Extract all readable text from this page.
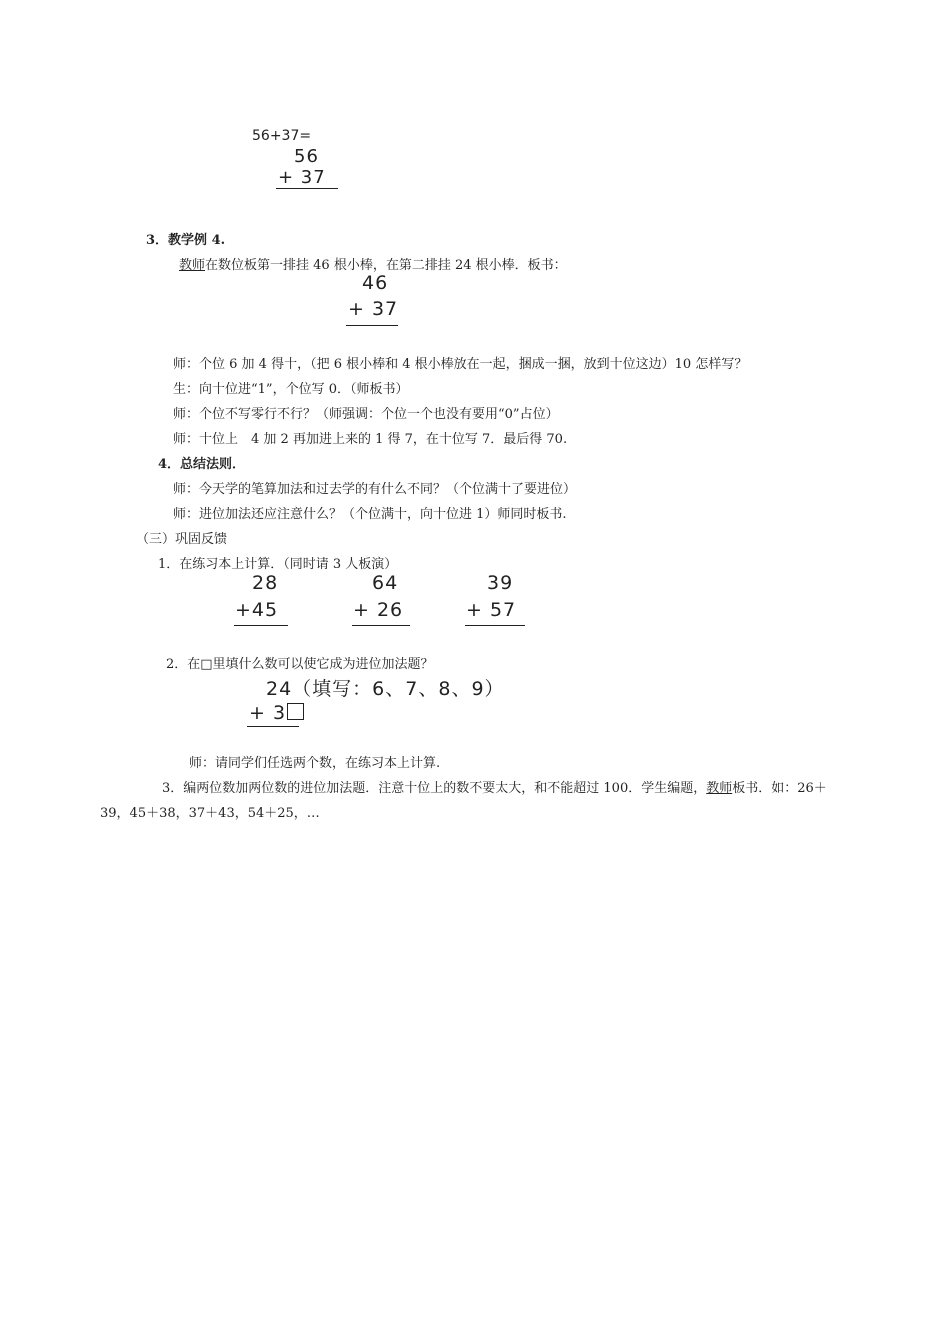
56+37=
56
+ 37
3．教学例 4.
教师在数位板第一排挂 46 根小棒，在第二排挂 24 根小棒．板书：
46
+ 37
师：个位 6 加 4 得十，（把 6 根小棒和 4 根小棒放在一起，捆成一捆，放到十位这边）10 怎样写？
生：向十位进“1”，个位写 0．（师板书）
师：个位不写零行不行？（师强调：个位一个也没有要用“0”占位）
师：十位上　4 加 2 再加进上来的 1 得 7，在十位写 7．最后得 70.
4．总结法则．
师：今天学的笔算加法和过去学的有什么不同？（个位满十了要进位）
师：进位加法还应注意什么？（个位满十，向十位进 1）师同时板书.
（三）巩固反馈
1．在练习本上计算．（同时请 3 人板演）
28
+45
64
+ 26
39
+ 57
2．在□里填什么数可以使它成为进位加法题？
24（填写：6、7、8、9）
+ 3
师：请同学们任选两个数，在练习本上计算.
3．编两位数加两位数的进位加法题．注意十位上的数不要太大，和不能超过 100．学生编题，教师板书．如：26＋
39，45＋38，37＋43，54＋25，…
